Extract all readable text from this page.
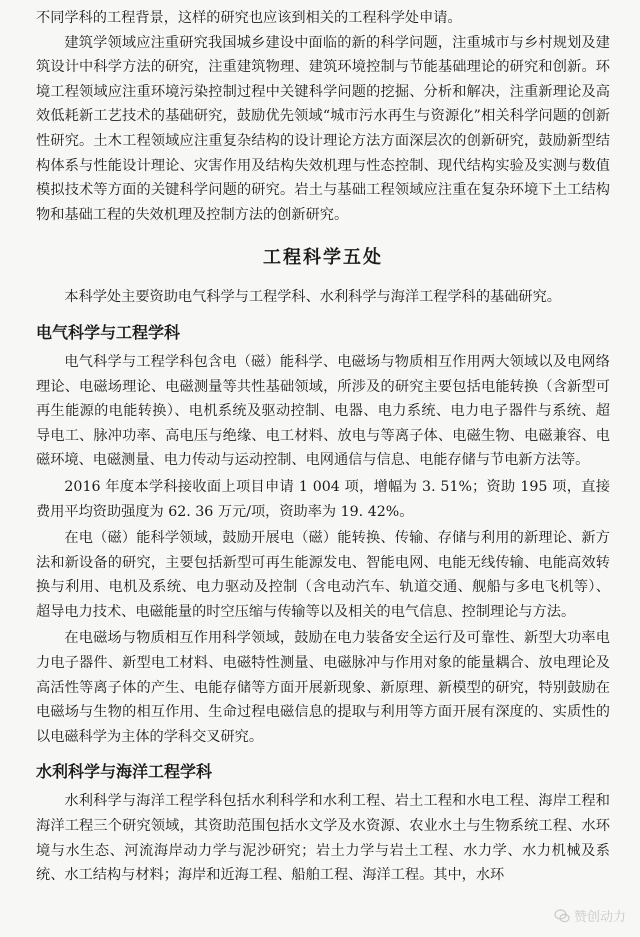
不同学科的工程背景，这样的研究也应该到相关的工程科学处申请。

建筑学领域应注重研究我国城乡建设中面临的新的科学问题，注重城市与乡村规划及建筑设计中科学方法的研究，注重建筑物理、建筑环境控制与节能基础理论的研究和创新。环境工程领域应注重环境污染控制过程中关键科学问题的挖掘、分析和解决，注重新理论及高效低耗新工艺技术的基础研究，鼓励优先领域“城市污水再生与资源化”相关科学问题的创新性研究。土木工程领域应注重复杂结构的设计理论方法方面深层次的创新研究，鼓励新型结构体系与性能设计理论、灾害作用及结构失效机理与性态控制、现代结构实验及实测与数值模拟技术等方面的关键科学问题的研究。岩土与基础工程领域应注重在复杂环境下土工结构物和基础工程的失效机理及控制方法的创新研究。

工程科学五处

本科学处主要资助电气科学与工程学科、水利科学与海洋工程学科的基础研究。

电气科学与工程学科

电气科学与工程学科包含电（磁）能科学、电磁场与物质相互作用两大领域以及电网络理论、电磁场理论、电磁测量等共性基础领域，所涉及的研究主要包括电能转换（含新型可再生能源的电能转换）、电机系统及驱动控制、电器、电力系统、电力电子器件与系统、超导电工、脉冲功率、高电压与绝缘、电工材料、放电与等离子体、电磁生物、电磁兼容、电磁环境、电磁测量、电力传动与运动控制、电网通信与信息、电能存储与节电新方法等。

2016 年度本学科接收面上项目申请 1 004 项，增幅为 3. 51%；资助 195 项，直接费用平均资助强度为 62. 36 万元/项，资助率为 19. 42%。

在电（磁）能科学领域，鼓励开展电（磁）能转换、传输、存储与利用的新理论、新方法和新设备的研究，主要包括新型可再生能源发电、智能电网、电能无线传输、电能高效转换与利用、电机及系统、电力驱动及控制（含电动汽车、轨道交通、舰船与多电飞机等）、超导电力技术、电磁能量的时空压缩与传输等以及相关的电气信息、控制理论与方法。

在电磁场与物质相互作用科学领域，鼓励在电力装备安全运行及可靠性、新型大功率电力电子器件、新型电工材料、电磁特性测量、电磁脉冲与作用对象的能量耦合、放电理论及高活性等离子体的产生、电能存储等方面开展新现象、新原理、新模型的研究，特别鼓励在电磁场与生物的相互作用、生命过程电磁信息的提取与利用等方面开展有深度的、实质性的以电磁科学为主体的学科交叉研究。

水利科学与海洋工程学科

水利科学与海洋工程学科包括水利科学和水利工程、岩土工程和水电工程、海岸工程和海洋工程三个研究领域，其资助范围包括水文学及水资源、农业水土与生物系统工程、水环境与水生态、河流海岸动力学与泥沙研究；岩土力学与岩土工程、水力学、水力机械及系统、水工结构与材料；海岸和近海工程、船舶工程、海洋工程。其中，水环

赞创动力
